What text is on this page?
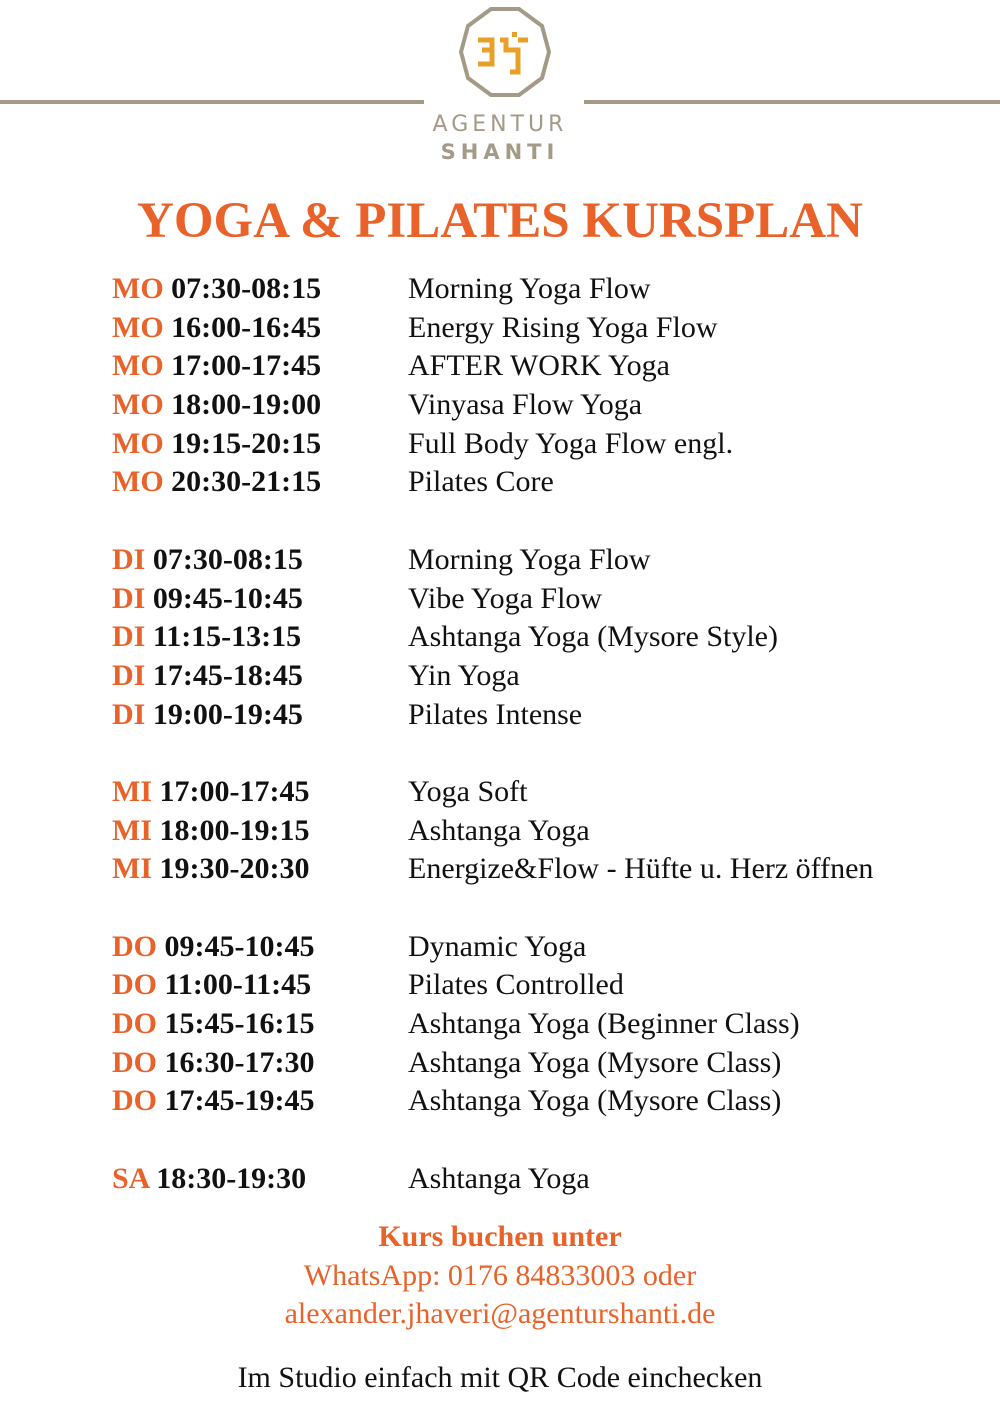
AGENTUR
SHANTI
YOGA & PILATES KURSPLAN
MO 07:30-08:15	Morning Yoga Flow
MO 16:00-16:45	Energy Rising Yoga Flow
MO 17:00-17:45	AFTER WORK Yoga
MO 18:00-19:00	Vinyasa Flow Yoga
MO 19:15-20:15	Full Body Yoga Flow engl.
MO 20:30-21:15	Pilates Core
DI 07:30-08:15	Morning Yoga Flow
DI 09:45-10:45	Vibe Yoga Flow
DI 11:15-13:15	Ashtanga Yoga (Mysore Style)
DI 17:45-18:45	Yin Yoga
DI 19:00-19:45	Pilates Intense
MI 17:00-17:45	Yoga Soft
MI 18:00-19:15	Ashtanga Yoga
MI 19:30-20:30	Energize&Flow - Hüfte u. Herz öffnen
DO 09:45-10:45	Dynamic Yoga
DO 11:00-11:45	Pilates Controlled
DO 15:45-16:15	Ashtanga Yoga (Beginner Class)
DO 16:30-17:30	Ashtanga Yoga (Mysore Class)
DO 17:45-19:45	Ashtanga Yoga (Mysore Class)
SA 18:30-19:30	Ashtanga Yoga
Kurs buchen unter
WhatsApp: 0176 84833003 oder
alexander.jhaveri@agenturshanti.de
Im Studio einfach mit QR Code einchecken
